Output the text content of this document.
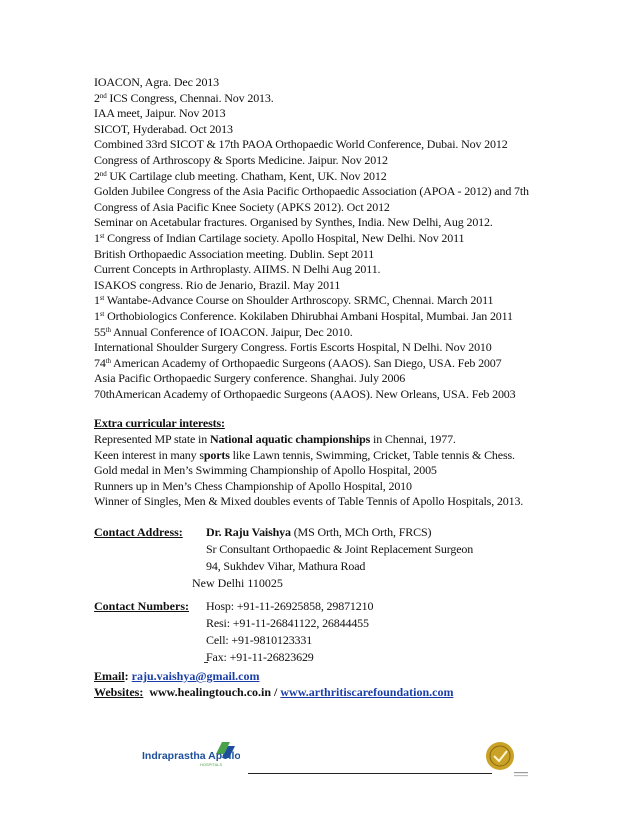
IOACON, Agra. Dec 2013
2nd ICS Congress, Chennai. Nov 2013.
IAA meet, Jaipur. Nov 2013
SICOT, Hyderabad. Oct 2013
Combined 33rd SICOT & 17th PAOA Orthopaedic World Conference, Dubai. Nov 2012
Congress of Arthroscopy & Sports Medicine. Jaipur. Nov 2012
2nd UK Cartilage club meeting. Chatham, Kent, UK. Nov 2012
Golden Jubilee Congress of the Asia Pacific Orthopaedic Association (APOA - 2012) and 7th
Congress of Asia Pacific Knee Society (APKS 2012). Oct 2012
Seminar on Acetabular fractures. Organised by Synthes, India. New Delhi, Aug 2012.
1st Congress of Indian Cartilage society. Apollo Hospital, New Delhi. Nov 2011
British Orthopaedic Association meeting. Dublin. Sept 2011
Current Concepts in Arthroplasty. AIIMS. N Delhi Aug 2011.
ISAKOS congress. Rio de Jenario, Brazil. May 2011
1st Wantabe-Advance Course on Shoulder Arthroscopy. SRMC, Chennai. March 2011
1st Orthobiologics Conference. Kokilaben Dhirubhai Ambani Hospital, Mumbai. Jan 2011
55th Annual Conference of IOACON. Jaipur, Dec 2010.
International Shoulder Surgery Congress. Fortis Escorts Hospital, N Delhi. Nov 2010
74th American Academy of Orthopaedic Surgeons (AAOS). San Diego, USA. Feb 2007
Asia Pacific Orthopaedic Surgery conference. Shanghai. July 2006
70thAmerican Academy of Orthopaedic Surgeons (AAOS). New Orleans, USA. Feb 2003
Extra curricular interests:
Represented MP state in National aquatic championships in Chennai, 1977.
Keen interest in many sports like Lawn tennis, Swimming, Cricket, Table tennis & Chess.
Gold medal in Men’s Swimming Championship of Apollo Hospital, 2005
Runners up in Men’s Chess Championship of Apollo Hospital, 2010
Winner of Singles, Men & Mixed doubles events of Table Tennis of Apollo Hospitals, 2013.
Contact Address: Dr. Raju Vaishya (MS Orth, MCh Orth, FRCS)
Sr Consultant Orthopaedic & Joint Replacement Surgeon
94, Sukhdev Vihar, Mathura Road
New Delhi 110025
Contact Numbers: Hosp: +91-11-26925858, 29871210
Resi: +91-11-26841122, 26844455
Cell: +91-9810123331
Fax: +91-11-26823629
Email: raju.vaishya@gmail.com
Websites: www.healingtouch.co.in / www.arthritiscarefoundation.com
Indraprastha Apollo
HOSPITALS
